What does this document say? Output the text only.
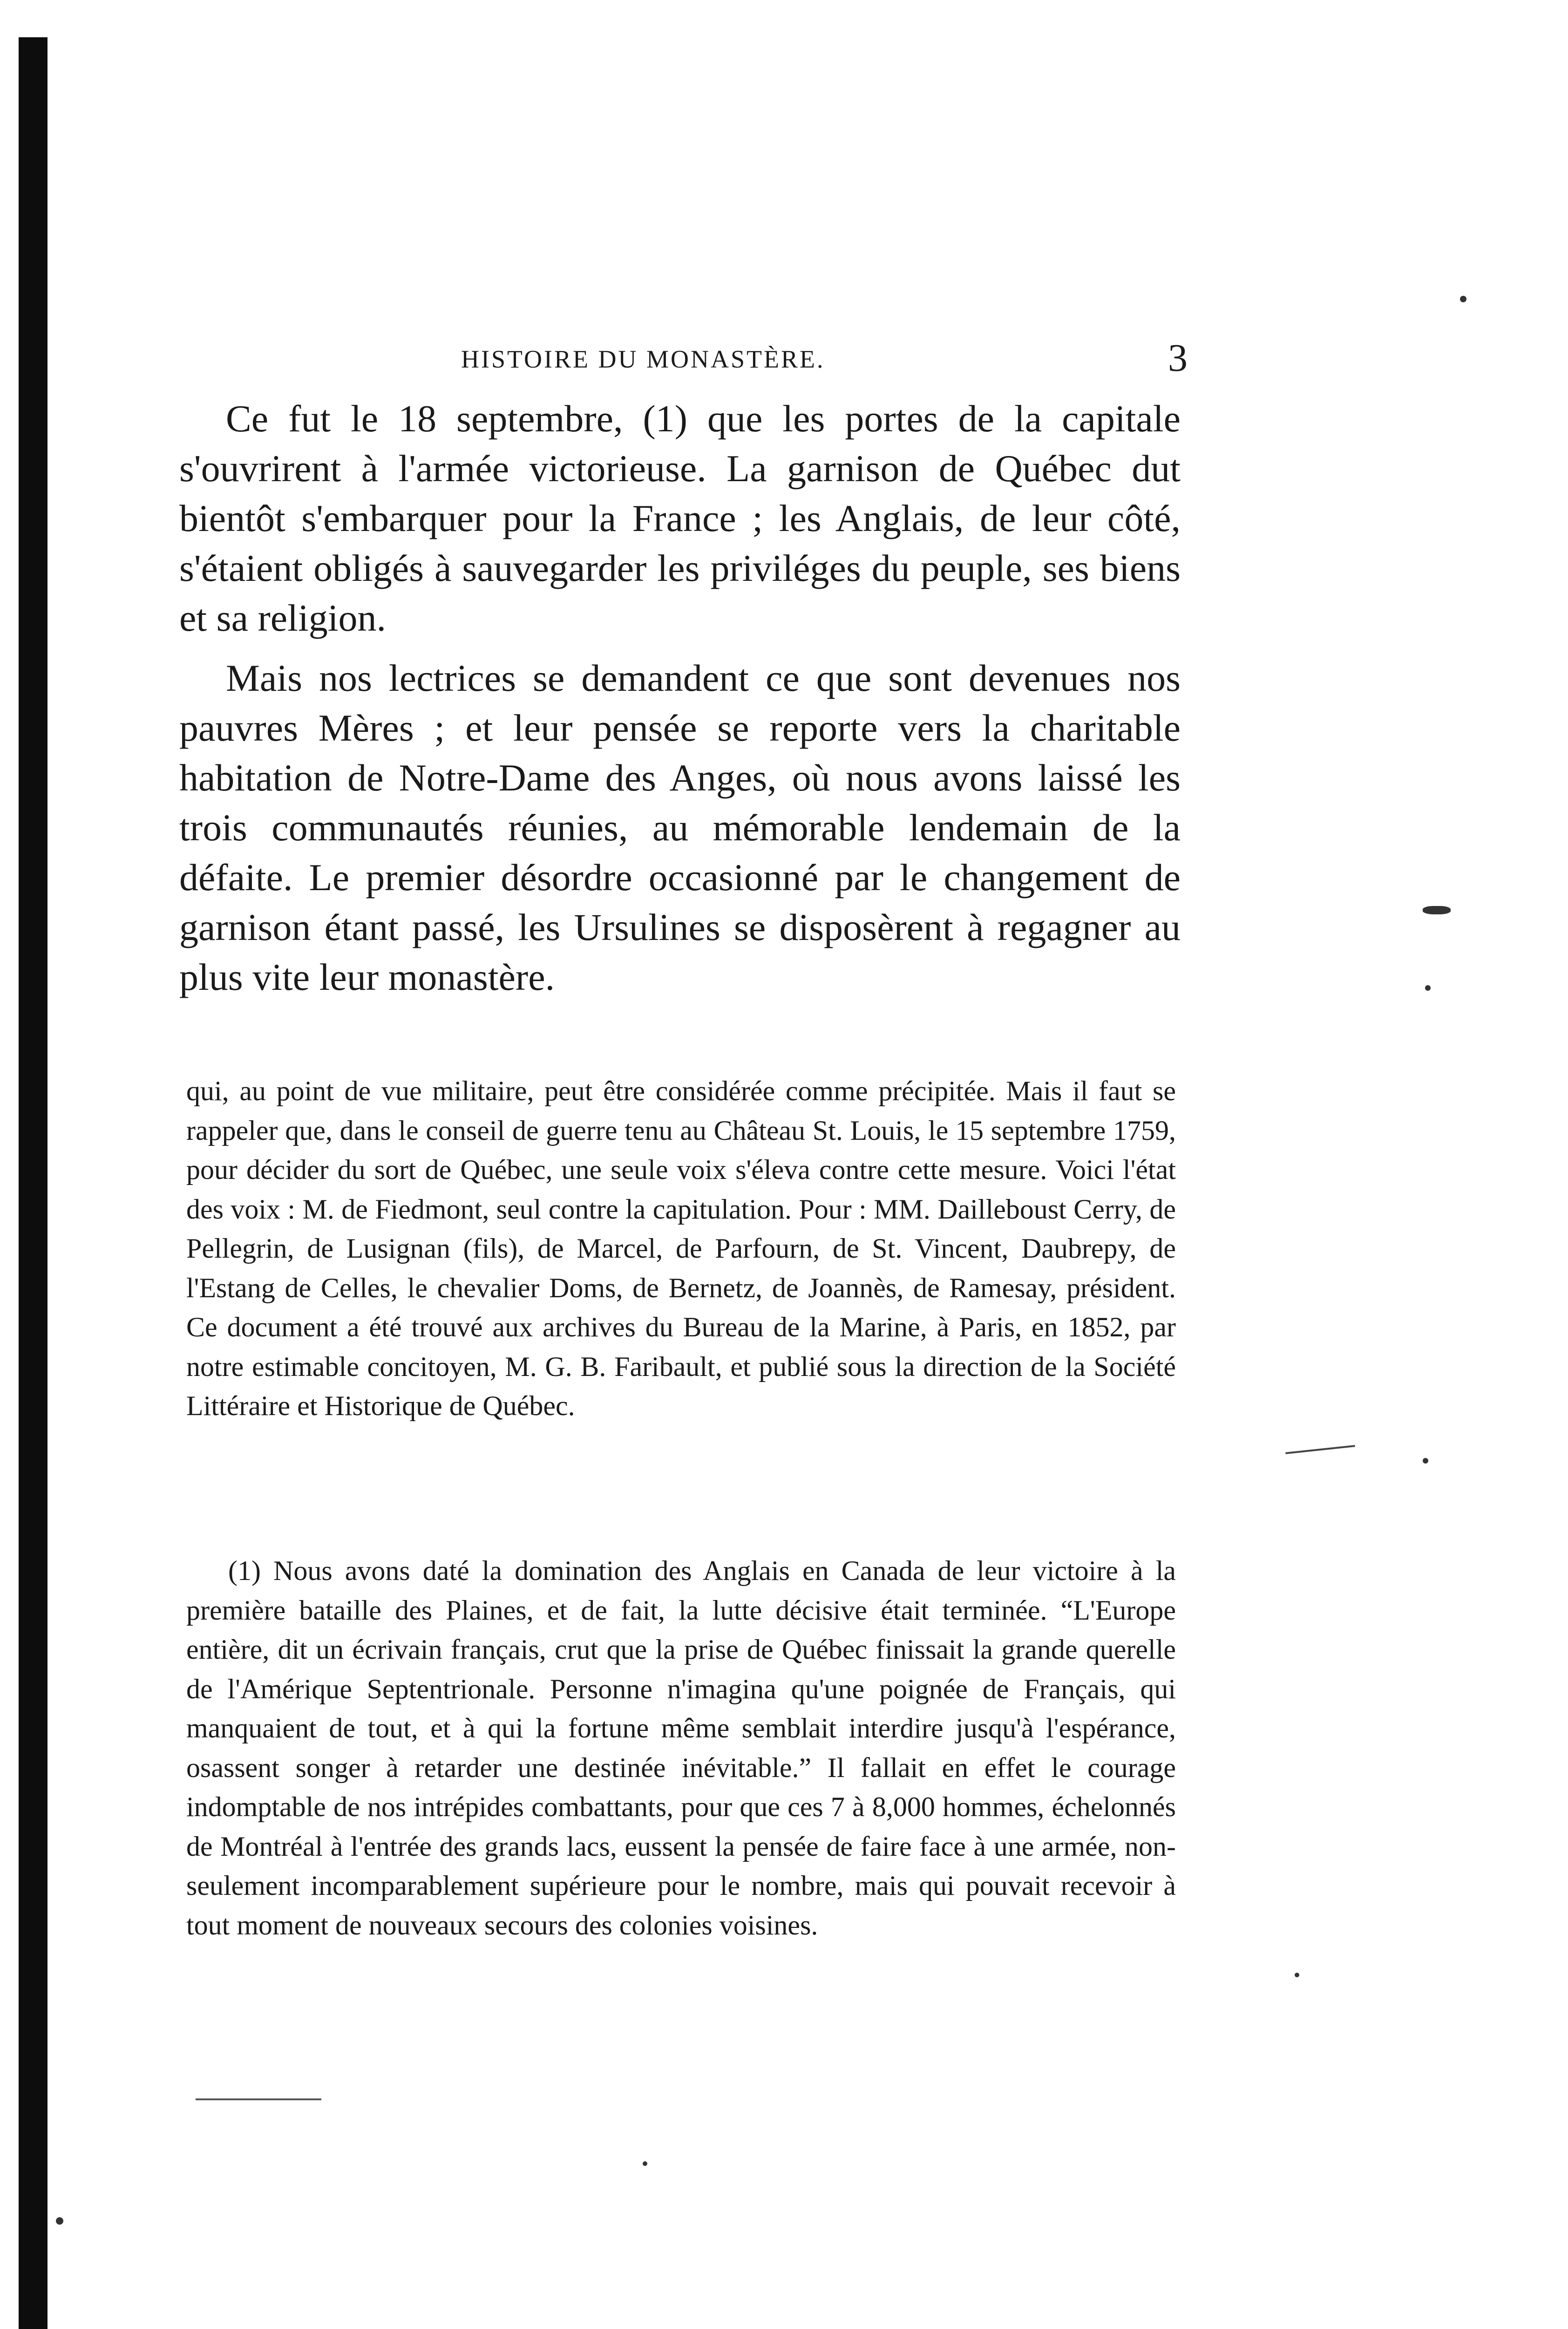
HISTOIRE DU MONASTÈRE.	3

Ce fut le 18 septembre, (1) que les portes de la capitale s'ouvrirent à l'armée victorieuse. La garnison de Québec dut bientôt s'embarquer pour la France ; les Anglais, de leur côté, s'étaient obligés à sauvegarder les priviléges du peuple, ses biens et sa religion.

Mais nos lectrices se demandent ce que sont devenues nos pauvres Mères ; et leur pensée se reporte vers la charitable habitation de Notre-Dame des Anges, où nous avons laissé les trois communautés réunies, au mémorable lendemain de la défaite. Le premier désordre occasionné par le changement de garnison étant passé, les Ursulines se disposèrent à regagner au plus vite leur monastère.

qui, au point de vue militaire, peut être considérée comme précipitée. Mais il faut se rappeler que, dans le conseil de guerre tenu au Château St. Louis, le 15 septembre 1759, pour décider du sort de Québec, une seule voix s'éleva contre cette mesure. Voici l'état des voix : M. de Fiedmont, seul contre la capitulation. Pour : MM. Dailleboust Cerry, de Pellegrin, de Lusignan (fils), de Marcel, de Parfourn, de St. Vincent, Daubrepy, de l'Estang de Celles, le chevalier Doms, de Bernetz, de Joannès, de Ramesay, président. Ce document a été trouvé aux archives du Bureau de la Marine, à Paris, en 1852, par notre estimable concitoyen, M. G. B. Faribault, et publié sous la direction de la Société Littéraire et Historique de Québec.

(1) Nous avons daté la domination des Anglais en Canada de leur victoire à la première bataille des Plaines, et de fait, la lutte décisive était terminée. “L'Europe entière, dit un écrivain français, crut que la prise de Québec finissait la grande querelle de l'Amérique Septentrionale. Personne n'imagina qu'une poignée de Français, qui manquaient de tout, et à qui la fortune même semblait interdire jusqu'à l'espérance, osassent songer à retarder une destinée inévitable.” Il fallait en effet le courage indomptable de nos intrépides combattants, pour que ces 7 à 8,000 hommes, échelonnés de Montréal à l'entrée des grands lacs, eussent la pensée de faire face à une armée, non-seulement incomparablement supérieure pour le nombre, mais qui pouvait recevoir à tout moment de nouveaux secours des colonies voisines.
